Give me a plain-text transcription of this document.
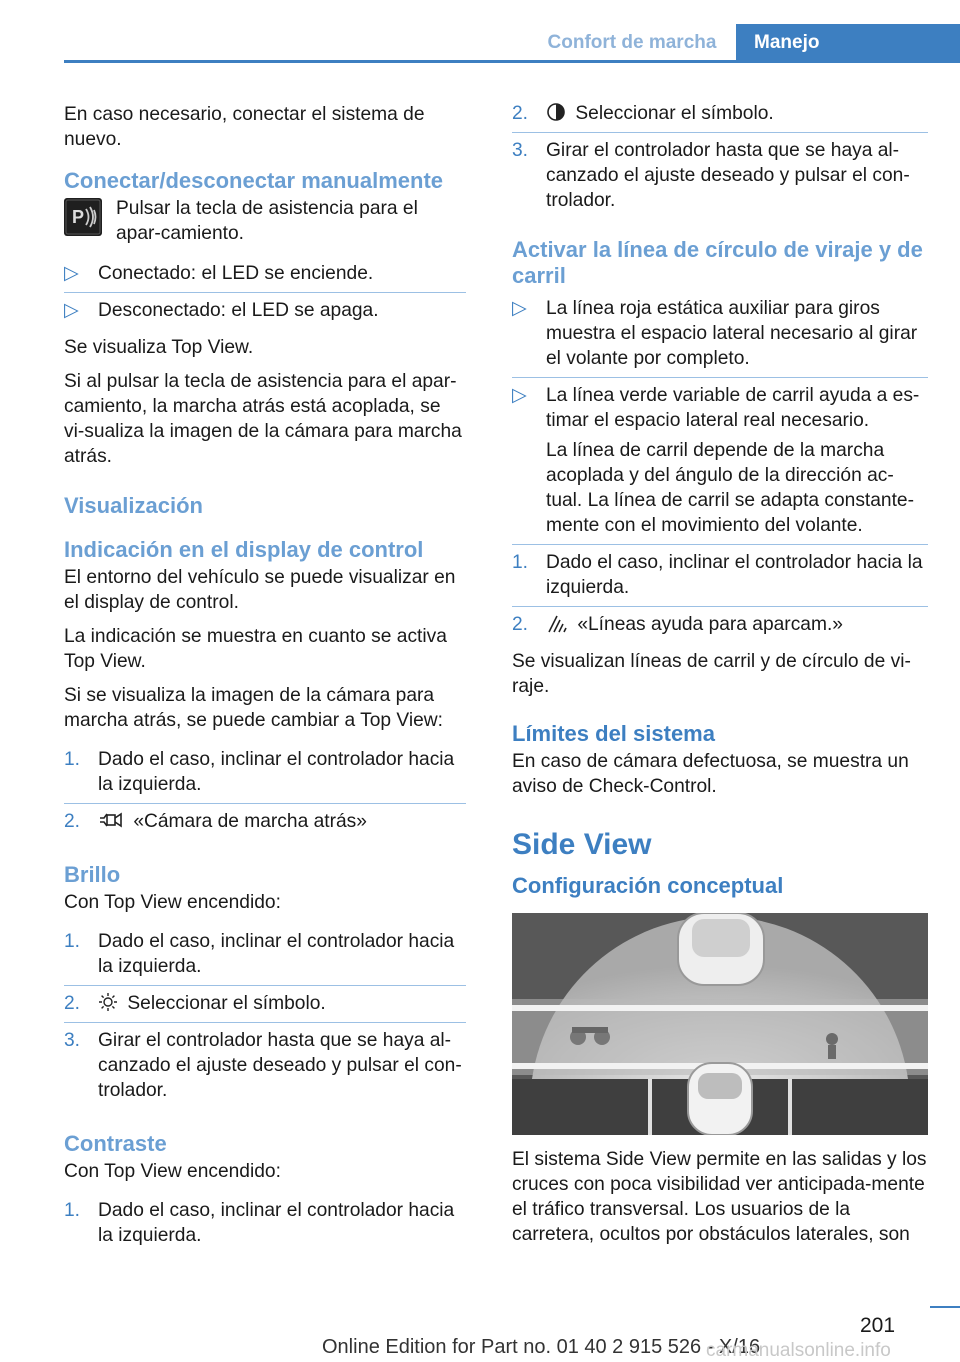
Confort de marcha	Manejo

En caso necesario, conectar el sistema de nuevo.

Conectar/desconectar manualmente
P Pulsar la tecla de asistencia para el apar-camiento.
▷	Conectado: el LED se enciende.
▷	Desconectado: el LED se apaga.

Se visualiza Top View.

Si al pulsar la tecla de asistencia para el apar-camiento, la marcha atrás está acoplada, se vi-sualiza la imagen de la cámara para marcha atrás.

Visualización
Indicación en el display de control

El entorno del vehículo se puede visualizar en el display de control.

La indicación se muestra en cuanto se activa Top View.

Si se visualiza la imagen de la cámara para marcha atrás, se puede cambiar a Top View:

1. Dado el caso, inclinar el controlador hacia la izquierda.
2.	«Cámara de marcha atrás»
Brillo

Con Top View encendido:

1. Dado el caso, inclinar el controlador hacia la izquierda.
2.	Seleccionar el símbolo.
3. Girar el controlador hasta que se haya al-canzado el ajuste deseado y pulsar el con-trolador.
Contraste

Con Top View encendido:

1. Dado el caso, inclinar el controlador hacia la izquierda.
2.	Seleccionar el símbolo.
3. Girar el controlador hasta que se haya al-canzado el ajuste deseado y pulsar el con-trolador.
Activar la línea de círculo de viraje y de carril
▷	La línea roja estática auxiliar para giros muestra el espacio lateral necesario al girar el volante por completo.
▷	La línea verde variable de carril ayuda a es-timar el espacio lateral real necesario.
La línea de carril depende de la marcha acoplada y del ángulo de la dirección ac-tual. La línea de carril se adapta constante-mente con el movimiento del volante.
1. Dado el caso, inclinar el controlador hacia la izquierda.
2.	«Líneas ayuda para aparcam.»

Se visualizan líneas de carril y de círculo de vi-raje.

Límites del sistema

En caso de cámara defectuosa, se muestra un aviso de Check-Control.

Side View
Configuración conceptual

El sistema Side View permite en las salidas y los cruces con poca visibilidad ver anticipada-mente el tráfico transversal. Los usuarios de la carretera, ocultos por obstáculos laterales, son

201
Online Edition for Part no. 01 40 2 915 526 - X/16
carmanualsonline.info
